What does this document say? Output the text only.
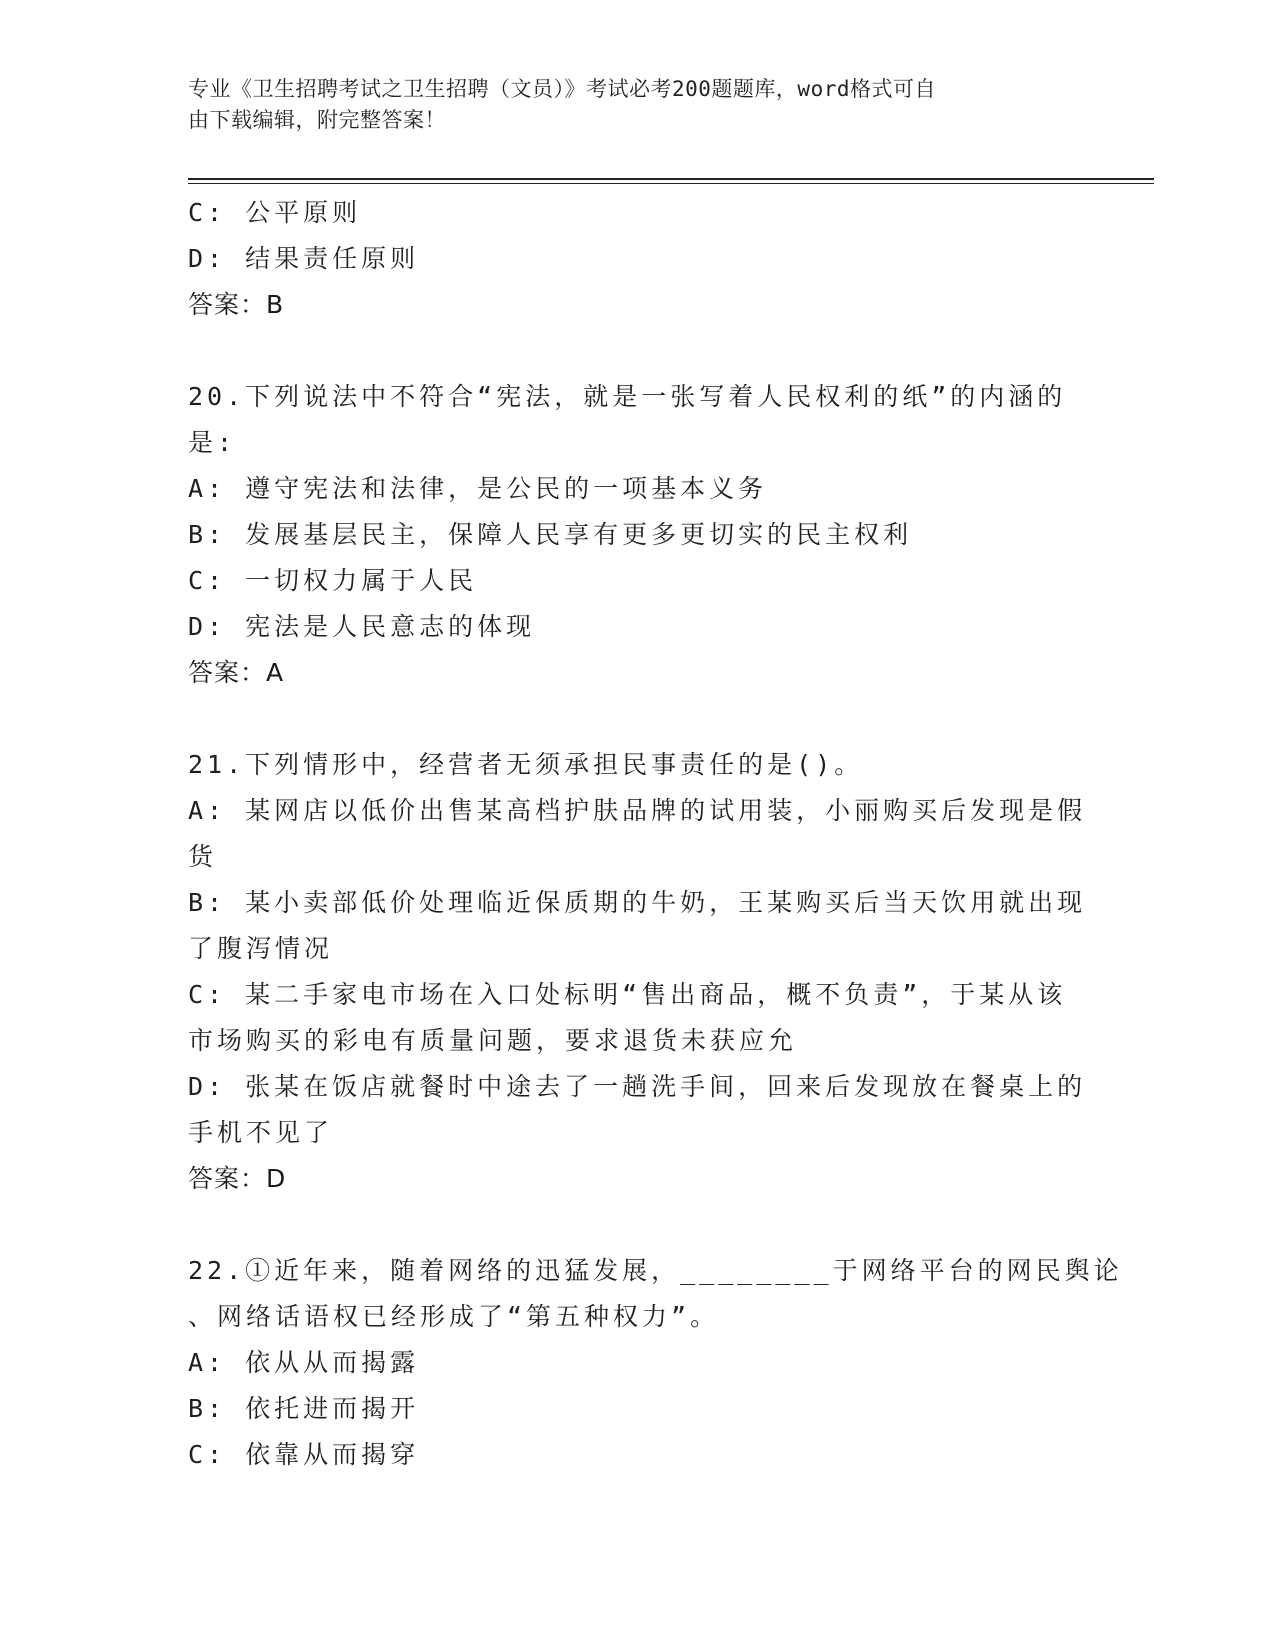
专业《卫生招聘考试之卫生招聘（文员）》考试必考200题题库，word格式可自
由下载编辑，附完整答案！
C: 公平原则
D: 结果责任原则
答案：B
20.下列说法中不符合“宪法，就是一张写着人民权利的纸”的内涵的
是:
A: 遵守宪法和法律，是公民的一项基本义务
B: 发展基层民主，保障人民享有更多更切实的民主权利
C: 一切权力属于人民
D: 宪法是人民意志的体现
答案：A
21.下列情形中，经营者无须承担民事责任的是()。
A: 某网店以低价出售某高档护肤品牌的试用装，小丽购买后发现是假
货
B: 某小卖部低价处理临近保质期的牛奶，王某购买后当天饮用就出现
了腹泻情况
C: 某二手家电市场在入口处标明“售出商品，概不负责”，于某从该
市场购买的彩电有质量问题，要求退货未获应允
D: 张某在饭店就餐时中途去了一趟洗手间，回来后发现放在餐桌上的
手机不见了
答案：D
22.①近年来，随着网络的迅猛发展，________于网络平台的网民舆论
、网络话语权已经形成了“第五种权力”。
A: 依从从而揭露
B: 依托进而揭开
C: 依靠从而揭穿
